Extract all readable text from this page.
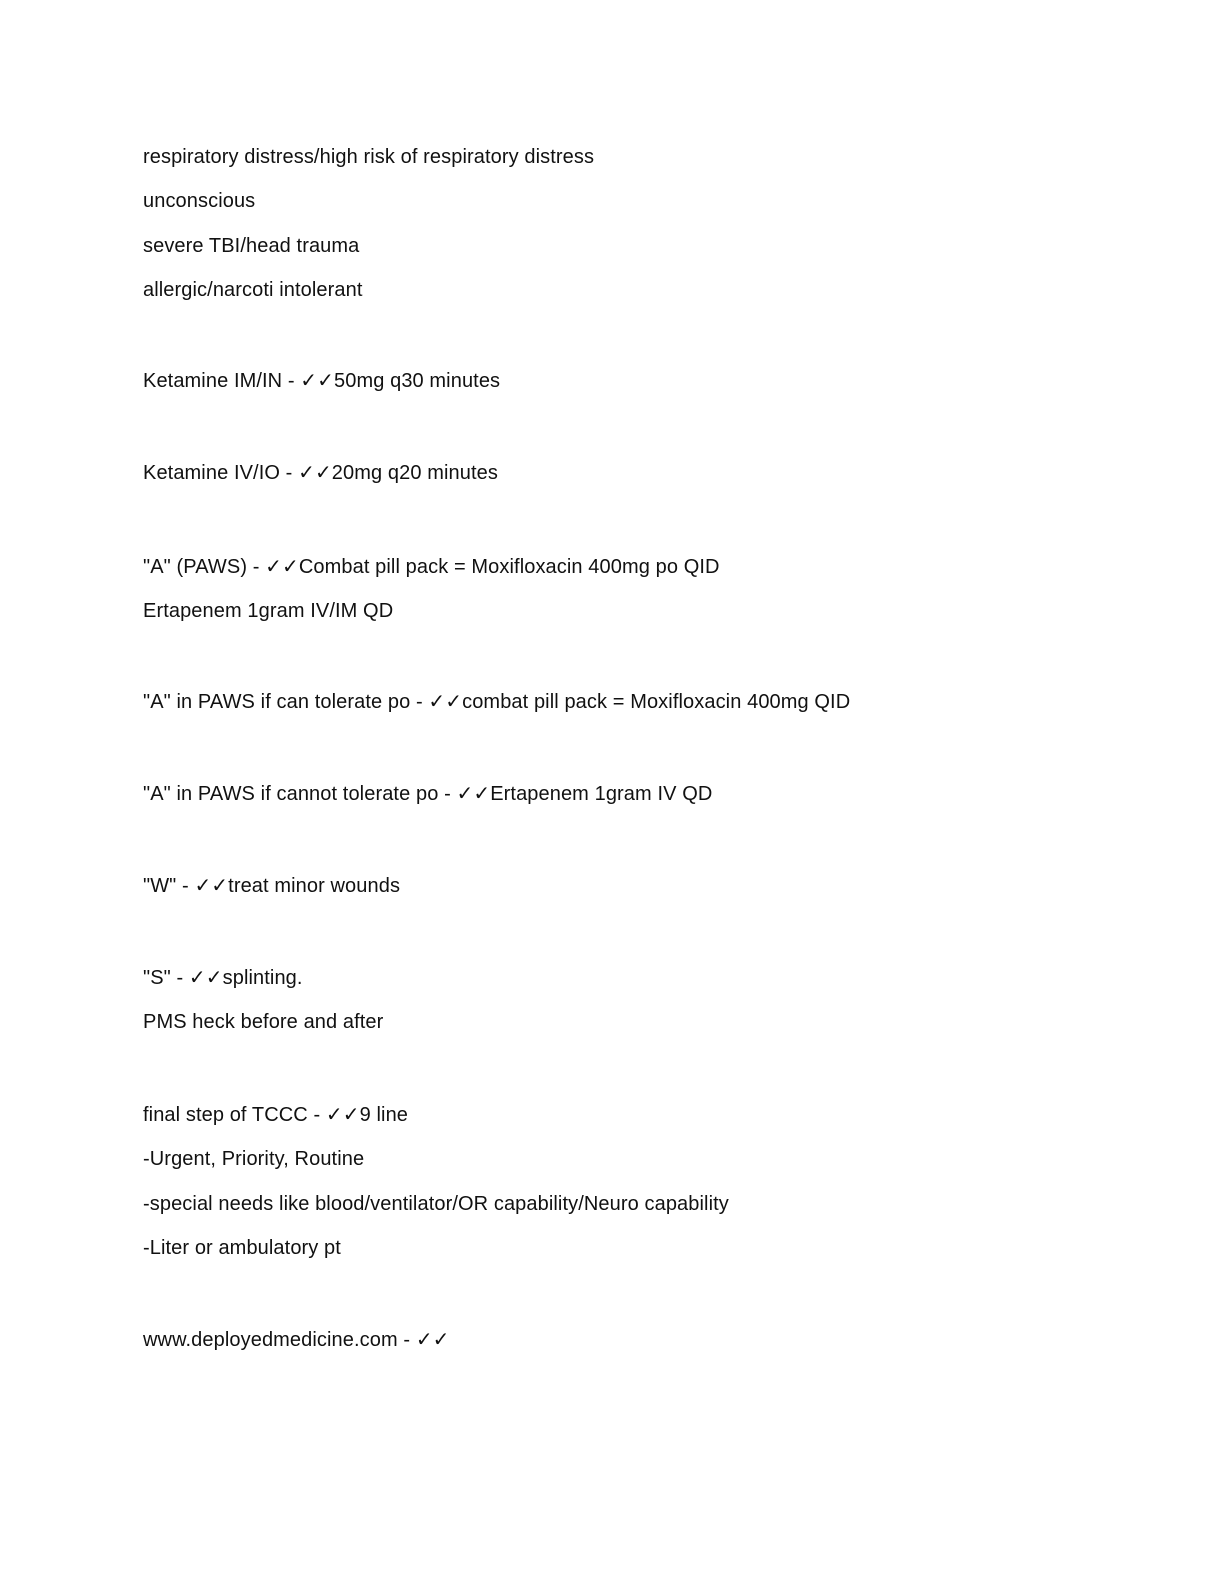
respiratory distress/high risk of respiratory distress
unconscious
severe TBI/head trauma
allergic/narcoti intolerant
Ketamine IM/IN - ✓✓50mg q30 minutes
Ketamine IV/IO - ✓✓20mg q20 minutes
"A" (PAWS) - ✓✓Combat pill pack = Moxifloxacin 400mg po QID
Ertapenem 1gram IV/IM QD
"A" in PAWS if can tolerate po - ✓✓combat pill pack = Moxifloxacin 400mg QID
"A" in PAWS if cannot tolerate po - ✓✓Ertapenem 1gram IV QD
"W" - ✓✓treat minor wounds
"S" - ✓✓splinting.
PMS heck before and after
final step of TCCC - ✓✓9 line
-Urgent, Priority, Routine
-special needs like blood/ventilator/OR capability/Neuro capability
-Liter or ambulatory pt
www.deployedmedicine.com - ✓✓
